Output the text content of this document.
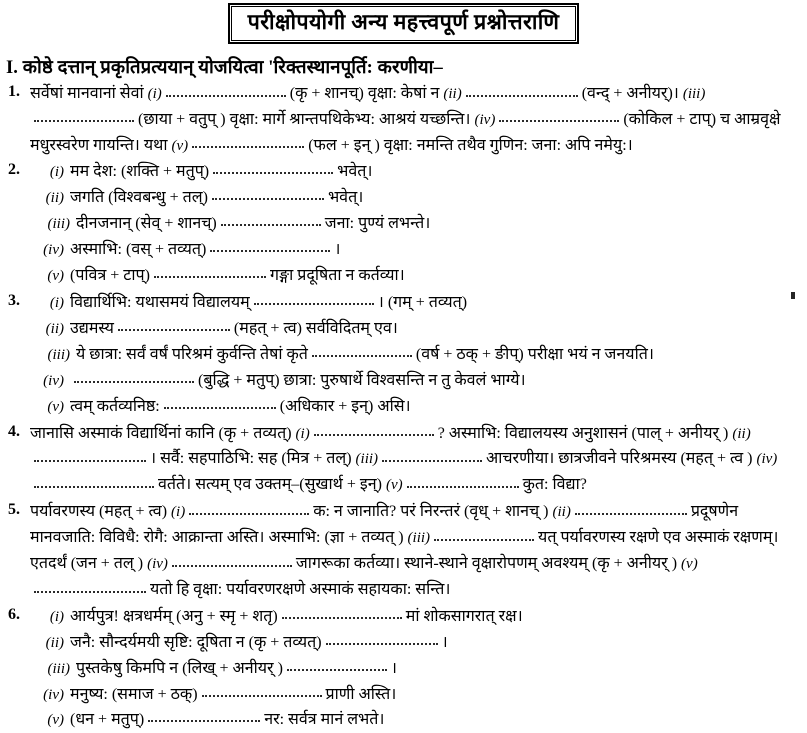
परीक्षोपयोगी अन्य महत्त्वपूर्ण प्रश्नोत्तराणि
I. कोष्ठे दत्तान् प्रकृतिप्रत्ययान् योजयित्वा 'रिक्तस्थानपूर्ति: करणीया–
1. सर्वेषां मानवानां सेवां (i)	(कृ + शानच्) वृक्षा: केषां न (ii)	(वन्द् + अनीयर्)। (iii)(छाया + वतुप् ) वृक्षा: मार्गे श्रान्तपथिकेभ्य: आश्रयं यच्छन्ति। (iv)	(कोकिल + टाप्) च आम्रवृक्षे मधुरस्वरेण गायन्ति। यथा (v)	(फल + इन् ) वृक्षा: नमन्ति तथैव गुणिन: जना: अपि नमेयु:।
2.	(i) मम देश: (शक्ति + मतुप्)	भवेत्।
(ii) जगति (विश्वबन्धु + तल्)	भवेत्।
(iii) दीनजनान् (सेव् + शानच्)	जना: पुण्यं लभन्ते।
(iv) अस्माभि: (वस् + तव्यत्)	।
(v) (पवित्र + टाप्)	गङ्गा प्रदूषिता न कर्तव्या।
3.	(i) विद्यार्थिभि: यथासमयं विद्यालयम्	। (गम् + तव्यत्)
(ii) उद्यमस्य	(महत् + त्व) सर्वविदितम् एव।
(iii) ये छात्रा: सर्वं वर्षं परिश्रमं कुर्वन्ति तेषां कृते	(वर्ष + ठक् + ङीप्) परीक्षा भयं न जनयति।
(iv)	(बुद्धि + मतुप्) छात्रा: पुरुषार्थे विश्वसन्ति न तु केवलं भाग्ये।
(v) त्वम् कर्तव्यनिष्ठ:	(अधिकार + इन्) असि।
4. जानासि अस्माकं विद्यार्थिनां कानि (कृ + तव्यत्) (i)	? अस्माभि: विद्यालयस्य अनुशासनं (पाल् + अनीयर् ) (ii)। सर्वै: सहपाठिभि: सह (मित्र + तल्) (iii)	आचरणीया। छात्रजीवने परिश्रमस्य (महत् + त्व ) (iv)वर्तते। सत्यम् एव उक्तम्–(सुखार्थ + इन्) (v)	कुत: विद्या?
5. पर्यावरणस्य (महत् + त्व) (i)	क: न जानाति? परं निरन्तरं (वृध् + शानच् ) (ii)	प्रदूषणेन मानवजाति: विविधै: रोगै: आक्रान्ता अस्ति। अस्माभि: (ज्ञा + तव्यत् ) (iii)	यत् पर्यावरणस्य रक्षणे एव अस्माकं रक्षणम्। एतदर्थं (जन + तल् ) (iv)	जागरूका कर्तव्या। स्थाने-स्थाने वृक्षारोपणम् अवश्यम् (कृ + अनीयर् ) (v)यतो हि वृक्षा: पर्यावरणरक्षणे अस्माकं सहायका: सन्ति।
6.	(i) आर्यपुत्र! क्षत्रधर्मम् (अनु + स्मृ + शतृ)	मां शोकसागरात् रक्ष।
(ii) जनै: सौन्दर्यमयी सृष्टि: दूषिता न (कृ + तव्यत्)	।
(iii) पुस्तकेषु किमपि न (लिख् + अनीयर् )	।
(iv) मनुष्य: (समाज + ठक्)	प्राणी अस्ति।
(v) (धन + मतुप्)	नर: सर्वत्र मानं लभते।
